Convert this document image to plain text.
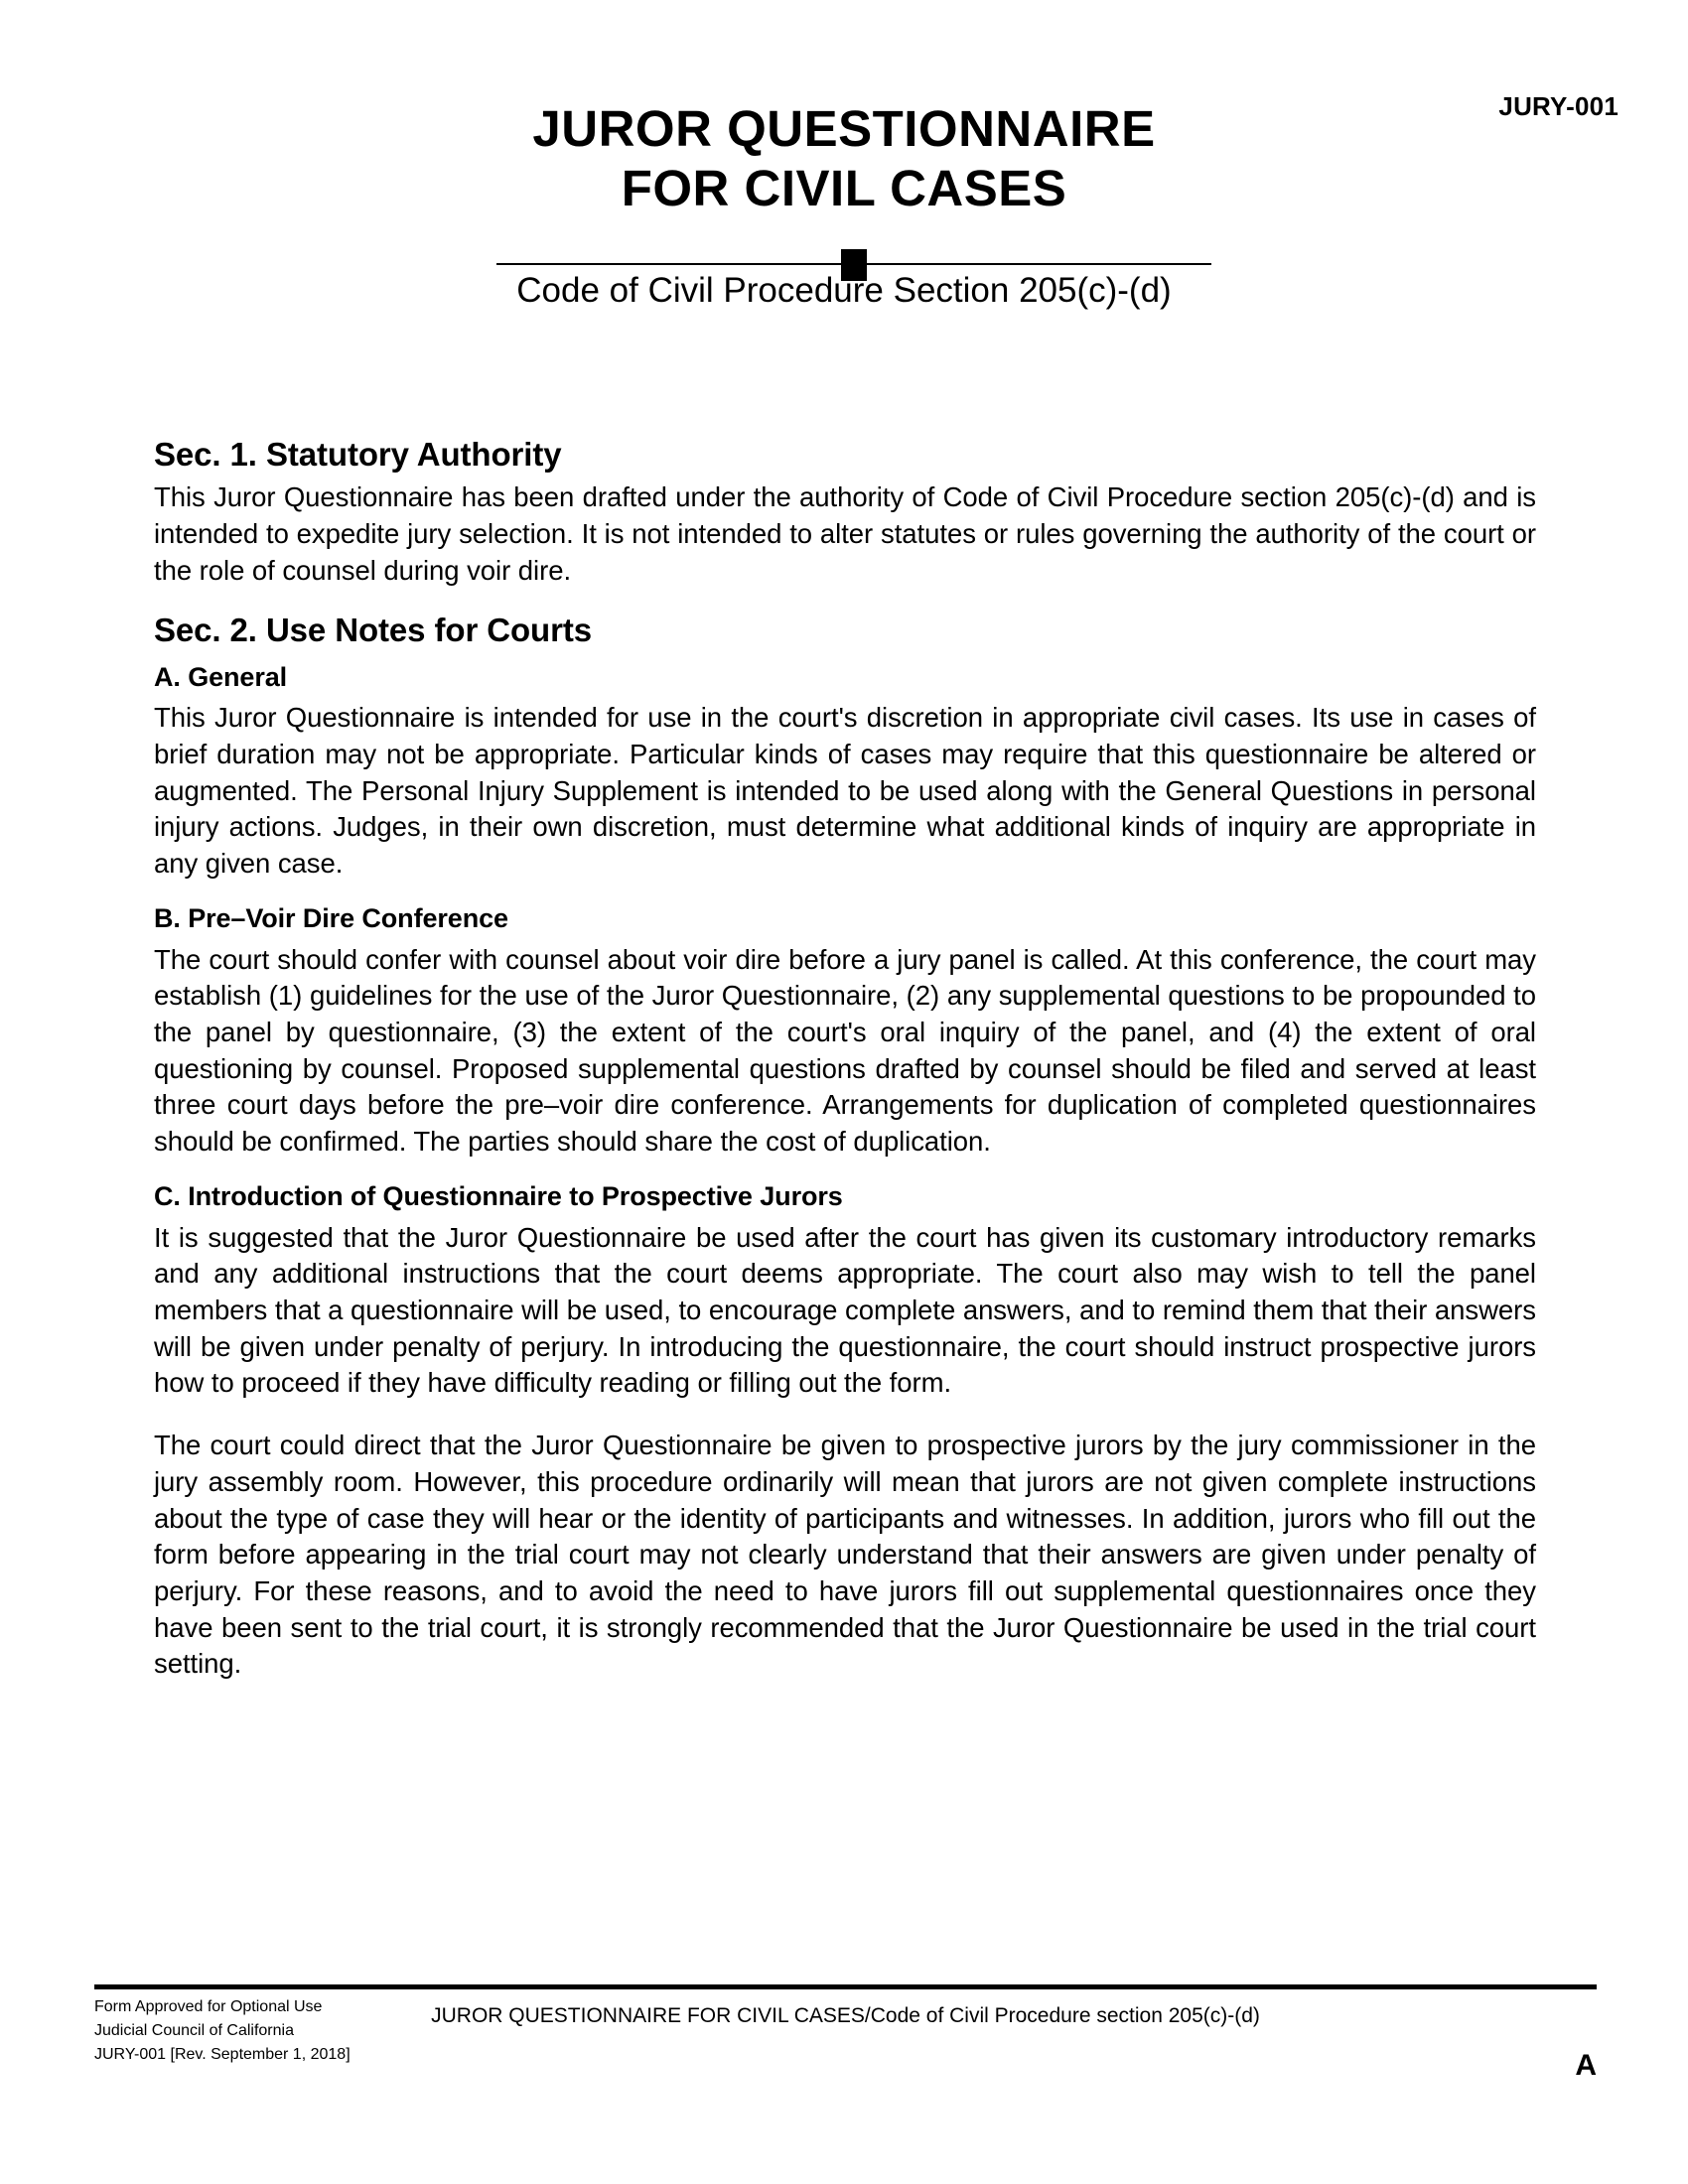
JURY-001
JUROR QUESTIONNAIRE
FOR CIVIL CASES
Code of Civil Procedure Section 205(c)-(d)
Sec. 1. Statutory Authority

This Juror Questionnaire has been drafted under the authority of Code of Civil Procedure section 205(c)-(d) and is intended to expedite jury selection. It is not intended to alter statutes or rules governing the authority of the court or the role of counsel during voir dire.

Sec. 2. Use Notes for Courts
A. General

This Juror Questionnaire is intended for use in the court's discretion in appropriate civil cases. Its use in cases of brief duration may not be appropriate. Particular kinds of cases may require that this questionnaire be altered or augmented. The Personal Injury Supplement is intended to be used along with the General Questions in personal injury actions. Judges, in their own discretion, must determine what additional kinds of inquiry are appropriate in any given case.

B. Pre–Voir Dire Conference

The court should confer with counsel about voir dire before a jury panel is called. At this conference, the court may establish (1) guidelines for the use of the Juror Questionnaire, (2) any supplemental questions to be propounded to the panel by questionnaire, (3) the extent of the court's oral inquiry of the panel, and (4) the extent of oral questioning by counsel. Proposed supplemental questions drafted by counsel should be filed and served at least three court days before the pre–voir dire conference. Arrangements for duplication of completed questionnaires should be confirmed. The parties should share the cost of duplication.

C. Introduction of Questionnaire to Prospective Jurors

It is suggested that the Juror Questionnaire be used after the court has given its customary introductory remarks and any additional instructions that the court deems appropriate. The court also may wish to tell the panel members that a questionnaire will be used, to encourage complete answers, and to remind them that their answers will be given under penalty of perjury. In introducing the questionnaire, the court should instruct prospective jurors how to proceed if they have difficulty reading or filling out the form.

The court could direct that the Juror Questionnaire be given to prospective jurors by the jury commissioner in the jury assembly room. However, this procedure ordinarily will mean that jurors are not given complete instructions about the type of case they will hear or the identity of participants and witnesses. In addition, jurors who fill out the form before appearing in the trial court may not clearly understand that their answers are given under penalty of perjury. For these reasons, and to avoid the need to have jurors fill out supplemental questionnaires once they have been sent to the trial court, it is strongly recommended that the Juror Questionnaire be used in the trial court setting.

Form Approved for Optional Use
Judicial Council of California
JURY-001 [Rev. September 1, 2018]
JUROR QUESTIONNAIRE FOR CIVIL CASES/Code of Civil Procedure section 205(c)-(d)
A
